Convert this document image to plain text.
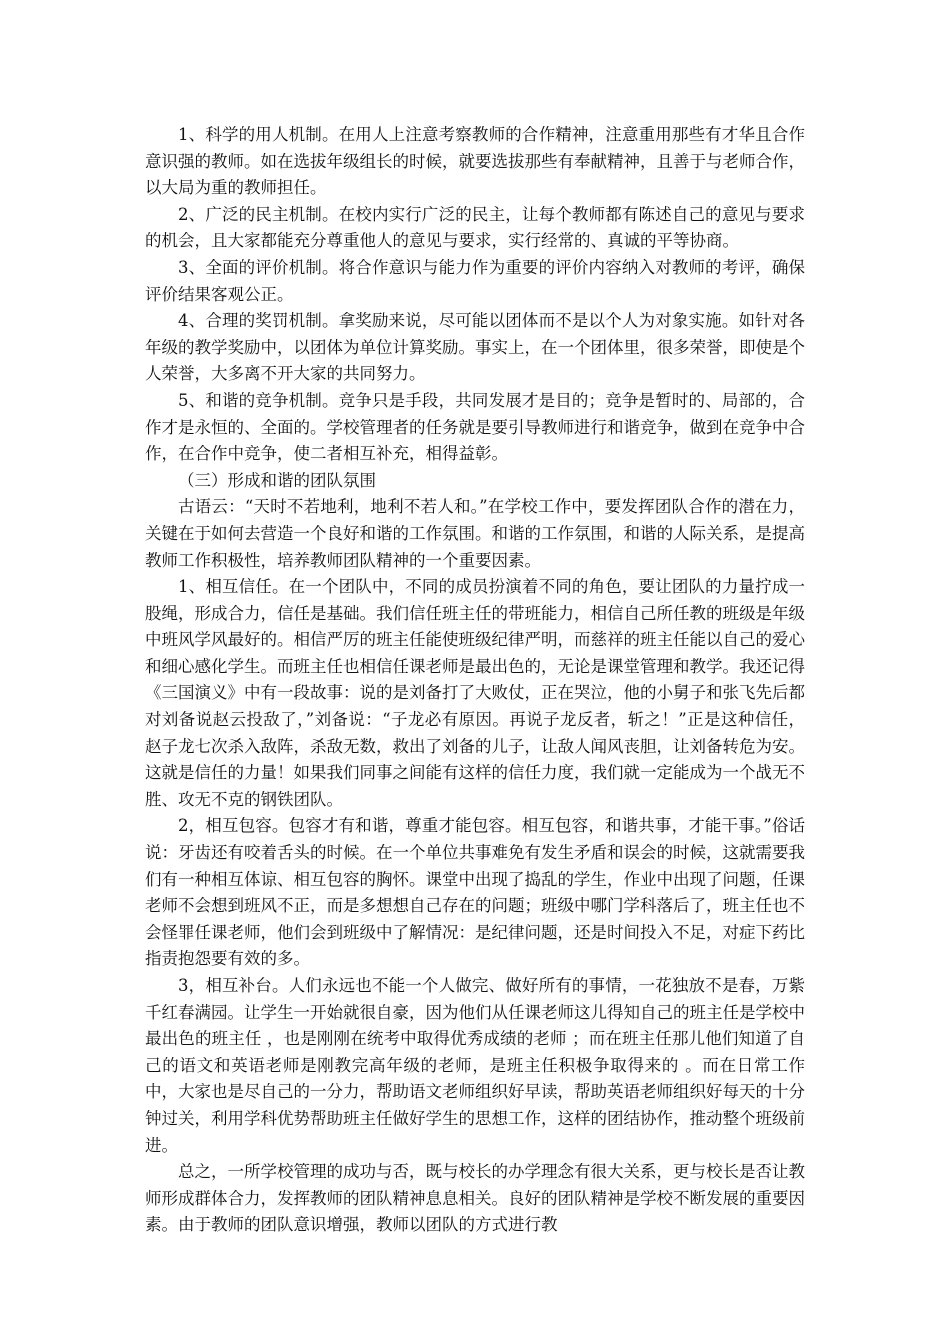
1、科学的用人机制。在用人上注意考察教师的合作精神，注意重用那些有才华且合作意识强的教师。如在选拔年级组长的时候，就要选拔那些有奉献精神，且善于与老师合作，以大局为重的教师担任。

2、广泛的民主机制。在校内实行广泛的民主，让每个教师都有陈述自己的意见与要求的机会，且大家都能充分尊重他人的意见与要求，实行经常的、真诚的平等协商。

3、全面的评价机制。将合作意识与能力作为重要的评价内容纳入对教师的考评，确保评价结果客观公正。

4、合理的奖罚机制。拿奖励来说，尽可能以团体而不是以个人为对象实施。如针对各年级的教学奖励中，以团体为单位计算奖励。事实上，在一个团体里，很多荣誉，即使是个人荣誉，大多离不开大家的共同努力。

5、和谐的竞争机制。竞争只是手段，共同发展才是目的；竞争是暂时的、局部的，合作才是永恒的、全面的。学校管理者的任务就是要引导教师进行和谐竞争，做到在竞争中合作，在合作中竞争，使二者相互补充，相得益彰。

（三）形成和谐的团队氛围

古语云：“天时不若地利，地利不若人和。”在学校工作中，要发挥团队合作的潜在力，关键在于如何去营造一个良好和谐的工作氛围。和谐的工作氛围，和谐的人际关系，是提高教师工作积极性，培养教师团队精神的一个重要因素。

1、相互信任。在一个团队中，不同的成员扮演着不同的角色，要让团队的力量拧成一股绳，形成合力，信任是基础。我们信任班主任的带班能力，相信自己所任教的班级是年级中班风学风最好的。相信严厉的班主任能使班级纪律严明，而慈祥的班主任能以自己的爱心和细心感化学生。而班主任也相信任课老师是最出色的，无论是课堂管理和教学。我还记得《三国演义》中有一段故事：说的是刘备打了大败仗，正在哭泣，他的小舅子和张飞先后都对刘备说赵云投敌了，”刘备说：“子龙必有原因。再说子龙反者，斩之！”正是这种信任，赵子龙七次杀入敌阵，杀敌无数，救出了刘备的儿子，让敌人闻风丧胆，让刘备转危为安。这就是信任的力量！如果我们同事之间能有这样的信任力度，我们就一定能成为一个战无不胜、攻无不克的钢铁团队。

2，相互包容。包容才有和谐，尊重才能包容。相互包容，和谐共事，才能干事。”俗话说：牙齿还有咬着舌头的时候。在一个单位共事难免有发生矛盾和误会的时候，这就需要我们有一种相互体谅、相互包容的胸怀。课堂中出现了捣乱的学生，作业中出现了问题，任课老师不会想到班风不正，而是多想想自己存在的问题；班级中哪门学科落后了，班主任也不会怪罪任课老师，他们会到班级中了解情况：是纪律问题，还是时间投入不足，对症下药比指责抱怨要有效的多。

3，相互补台。人们永远也不能一个人做完、做好所有的事情，一花独放不是春，万紫千红春满园。让学生一开始就很自豪，因为他们从任课老师这儿得知自己的班主任是学校中最出色的班主任 ，也是刚刚在统考中取得优秀成绩的老师 ；而在班主任那儿他们知道了自己的语文和英语老师是刚教完高年级的老师，是班主任积极争取得来的 。而在日常工作中，大家也是尽自己的一分力，帮助语文老师组织好早读，帮助英语老师组织好每天的十分钟过关，利用学科优势帮助班主任做好学生的思想工作，这样的团结协作，推动整个班级前进。

总之，一所学校管理的成功与否，既与校长的办学理念有很大关系，更与校长是否让教师形成群体合力，发挥教师的团队精神息息相关。良好的团队精神是学校不断发展的重要因素。由于教师的团队意识增强，教师以团队的方式进行教
